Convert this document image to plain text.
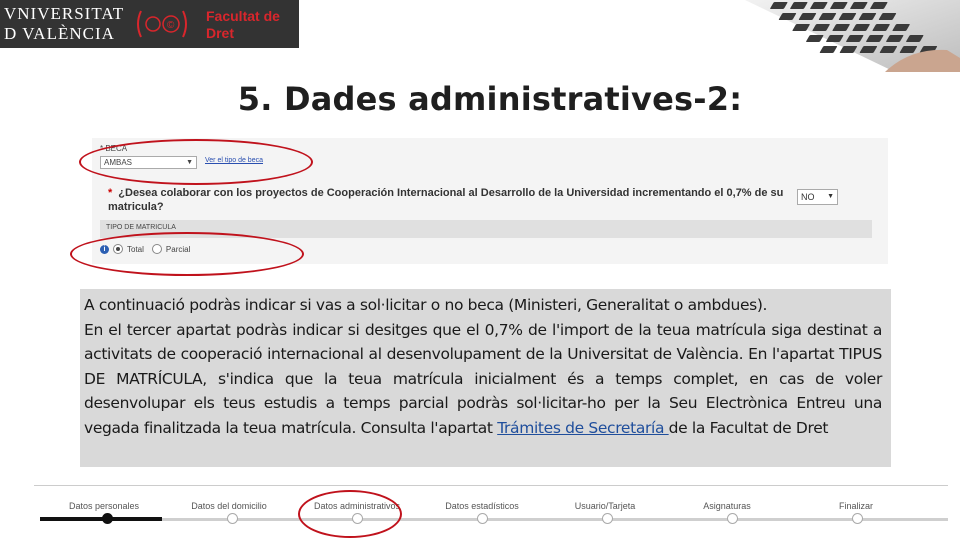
VNIVERSITAT
D VALÈNCIA	©
Facultat de
Dret
5. Dades administratives-2:
* BECA
AMBAS	▼ Ver el tipo de beca
* ¿Desea colaborar con los proyectos de Cooperación Internacional al Desarrollo de la Universidad incrementando el 0,7% de su matricula?
NO ▼
TIPO DE MATRICULA
i	Total	Parcial

A continuació podràs indicar si vas a sol·licitar o no beca (Ministeri, Generalitat o ambdues).

En el tercer apartat podràs indicar si desitges que el 0,7% de l'import de la teua matrícula siga destinat a activitats de cooperació internacional al desenvolupament de la Universitat de València. En l'apartat TIPUS DE MATRÍCULA, s'indica que la teua matrícula inicialment és a temps complet, en cas de voler desenvolupar els teus estudis a temps parcial podràs sol·licitar-ho per la Seu Electrònica Entreu una vegada finalitzada la teua matrícula. Consulta l'apartat Trámites de Secretaría de la Facultat de Dret

Datos personales	Datos del domicilio	Datos administrativos	Datos estadísticos	Usuario/Tarjeta	Asignaturas	Finalizar
